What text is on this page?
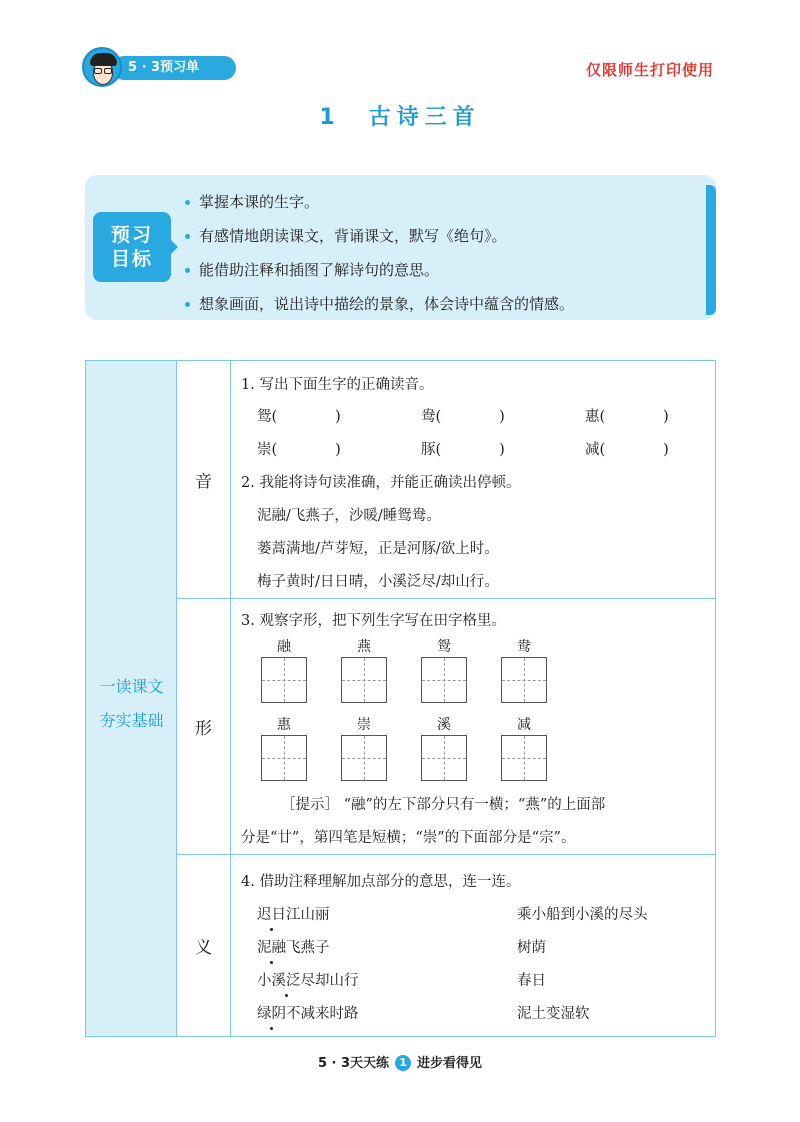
5 · 3预习单	仅限师生打印使用
1　古诗三首
预习
目标
掌握本课的生字。
有感情地朗读课文，背诵课文，默写《绝句》。
能借助注释和插图了解诗句的意思。
想象画面，说出诗中描绘的景象，体会诗中蕴含的情感。
一读课文
夯实基础
音
1. 写出下面生字的正确读音。
鸳(	)	鸯(	)	惠(	)
崇(	)	豚(	)	减(	)
2. 我能将诗句读准确，并能正确读出停顿。
泥融/飞燕子，沙暖/睡鸳鸯。
蒌蒿满地/芦芽短，正是河豚/欲上时。
梅子黄时/日日晴，小溪泛尽/却山行。
形
3. 观察字形，把下列生字写在田字格里。
融	燕	鸳	鸯
惠	崇	溪	减
［提示］ “融”的左下部分只有一横；“燕”的上面部
分是“廿”，第四笔是短横；“崇”的下面部分是“宗”。
义
4. 借助注释理解加点部分的意思，连一连。
迟日江山丽
泥融飞燕子
小溪泛尽却山行
绿阴不减来时路
乘小船到小溪的尽头
树荫
春日
泥土变湿软
5 · 3天天练 1 进步看得见
